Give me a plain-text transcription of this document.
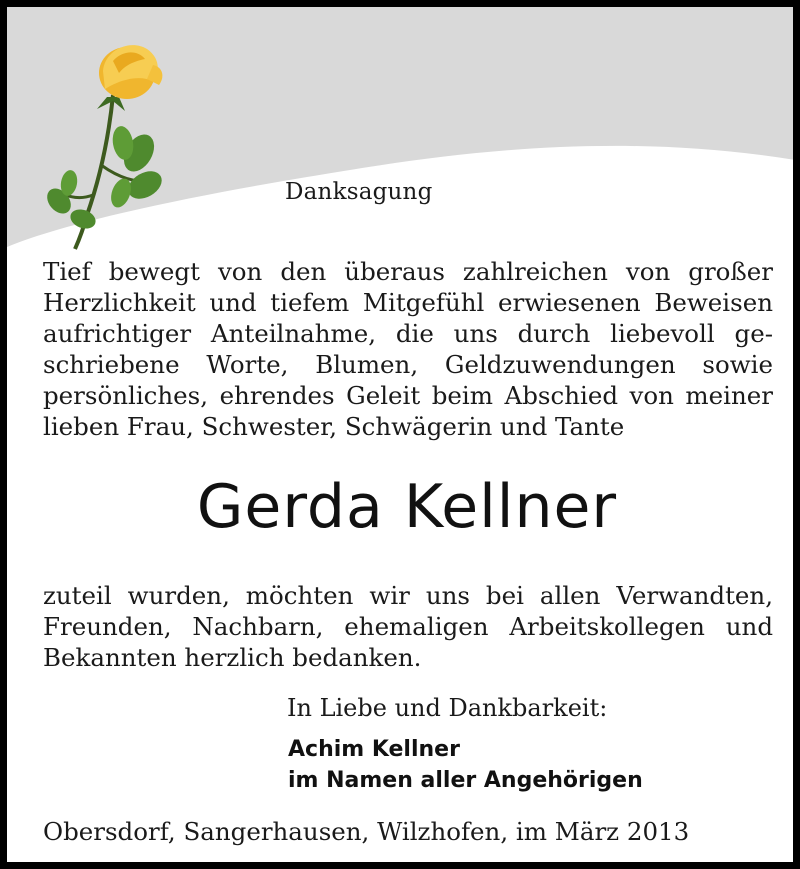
Danksagung

Tief bewegt von den überaus zahlreichen von großer
Herzlichkeit und tiefem Mitgefühl erwiesenen Beweisen
aufrichtiger Anteilnahme, die uns durch liebevoll ge-
schriebene Worte, Blumen, Geldzuwendungen sowie
persönliches, ehrendes Geleit beim Abschied von meiner
lieben Frau, Schwester, Schwägerin und Tante

Gerda Kellner

zuteil wurden, möchten wir uns bei allen Verwandten,
Freunden, Nachbarn, ehemaligen Arbeitskollegen und
Bekannten herzlich bedanken.

In Liebe und Dankbarkeit:

Achim Kellner

im Namen aller Angehörigen

Obersdorf, Sangerhausen, Wilzhofen, im März 2013
